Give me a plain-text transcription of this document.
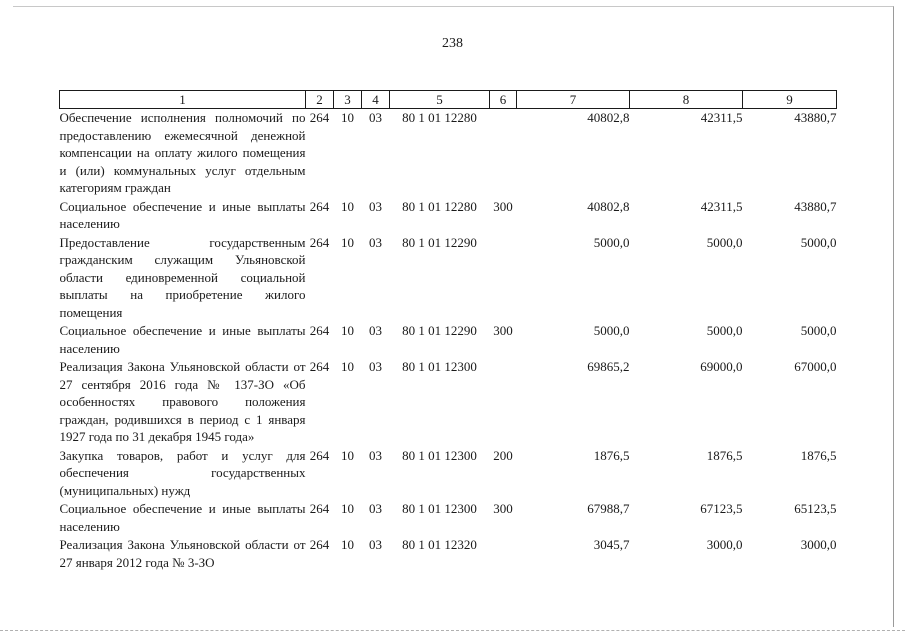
238
1	2	3	4	5	6	7	8	9
Обеспечение исполнения полномочий по предоставлению ежемесячной денежной компенсации на оплату жилого помещения и (или) коммунальных услуг отдельным категориям граждан	264	10	03	80 1 01 12280		40802,8	42311,5	43880,7
Социальное обеспечение и иные выплаты населению	264	10	03	80 1 01 12280	300	40802,8	42311,5	43880,7
Предоставление государственным гражданским служащим Ульяновской области единовременной социальной выплаты на приобретение жилого помещения	264	10	03	80 1 01 12290		5000,0	5000,0	5000,0
Социальное обеспечение и иные выплаты населению	264	10	03	80 1 01 12290	300	5000,0	5000,0	5000,0
Реализация Закона Ульяновской области от 27 сентября 2016 года № 137-ЗО «Об особенностях правового положения граждан, родившихся в период с 1 января 1927 года по 31 декабря 1945 года»	264	10	03	80 1 01 12300		69865,2	69000,0	67000,0
Закупка товаров, работ и услуг для обеспечения государственных (муниципальных) нужд	264	10	03	80 1 01 12300	200	1876,5	1876,5	1876,5
Социальное обеспечение и иные выплаты населению	264	10	03	80 1 01 12300	300	67988,7	67123,5	65123,5
Реализация Закона Ульяновской области от 27 января 2012 года № 3-ЗО	264	10	03	80 1 01 12320		3045,7	3000,0	3000,0
